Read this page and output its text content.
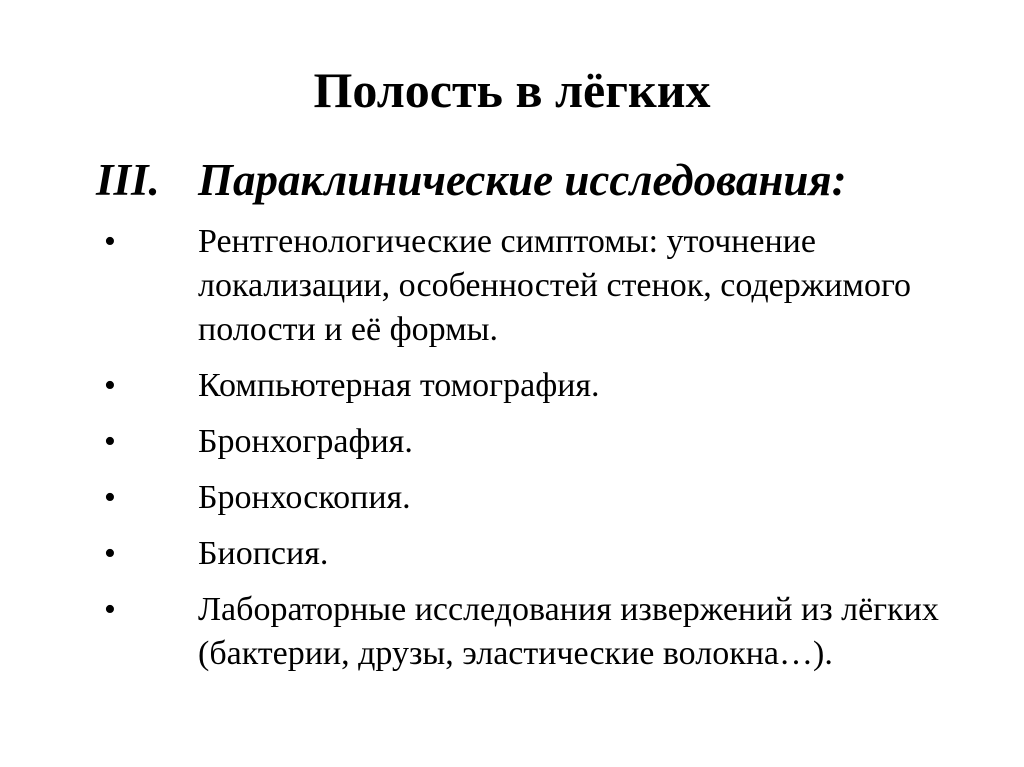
Полость в лёгких
III. Параклинические исследования:
•	Рентгенологические симптомы: уточнение локализации, особенностей стенок, содержимого полости и её формы.
•	Компьютерная томография.
•	Бронхография.
•	Бронхоскопия.
•	Биопсия.
•	Лабораторные исследования извержений из лёгких (бактерии, друзы, эластические волокна…).
